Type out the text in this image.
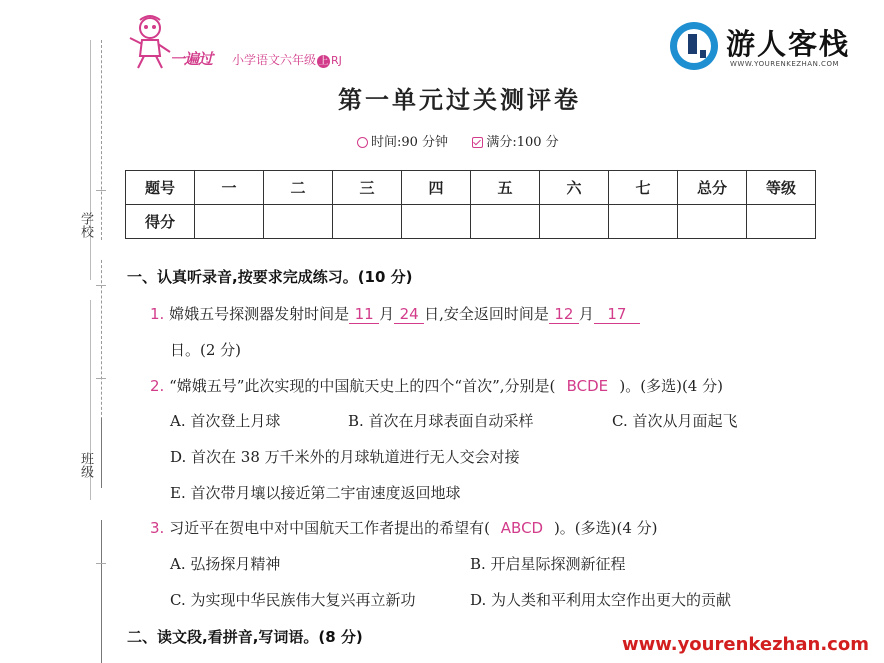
学校
班级
一遍过 小学语文六年级 上 RJ	游人客栈
WWW.YOURENKEZHAN.COM
第一单元过关测评卷
时间:90 分钟	满分:100 分
题号	一	二	三	四	五	六	七	总分	等级
得分									
一、认真听录音,按要求完成练习。(10 分)
1. 嫦娥五号探测器发射时间是 11 月 24 日,安全返回时间是 12 月 17
日。(2 分)
2. “嫦娥五号”此次实现的中国航天史上的四个“首次”,分别是( BCDE )。(多选)(4 分)
A. 首次登上月球	B. 首次在月球表面自动采样	C. 首次从月面起飞
D. 首次在 38 万千米外的月球轨道进行无人交会对接
E. 首次带月壤以接近第二宇宙速度返回地球
3. 习近平在贺电中对中国航天工作者提出的希望有( ABCD )。(多选)(4 分)
A. 弘扬探月精神	B. 开启星际探测新征程
C. 为实现中华民族伟大复兴再立新功	D. 为人类和平利用太空作出更大的贡献
二、读文段,看拼音,写词语。(8 分)	www.yourenkezhan.com
